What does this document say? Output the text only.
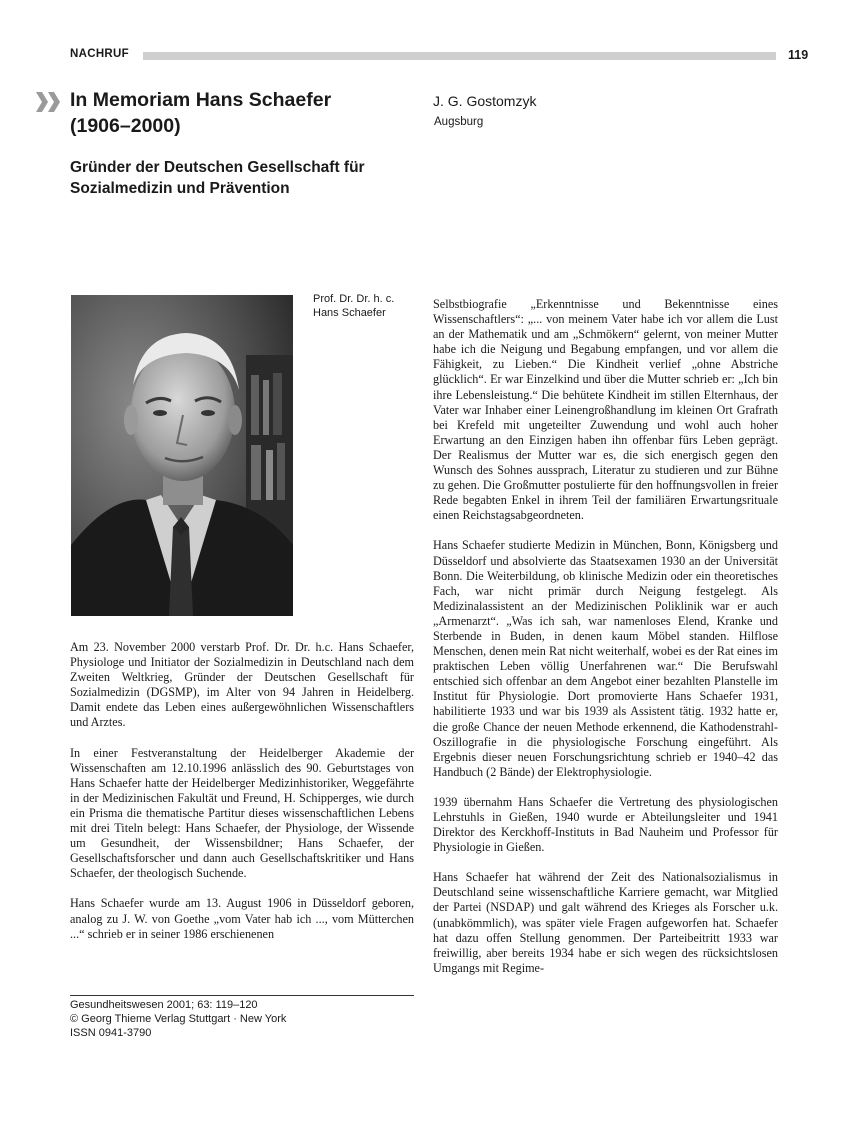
NACHRUF	119
In Memoriam Hans Schaefer
(1906–2000)
Gründer der Deutschen Gesellschaft für
Sozialmedizin und Prävention
J. G. Gostomzyk
Augsburg
Prof. Dr. Dr. h. c.
Hans Schaefer

Am 23. November 2000 verstarb Prof. Dr. Dr. h.c. Hans Schaefer, Physiologe und Initiator der Sozialmedizin in Deutschland nach dem Zweiten Weltkrieg, Gründer der Deutschen Gesellschaft für Sozialmedizin (DGSMP), im Alter von 94 Jahren in Heidelberg. Damit endete das Leben eines außergewöhnlichen Wissenschaftlers und Arztes.

In einer Festveranstaltung der Heidelberger Akademie der Wissenschaften am 12.10.1996 anlässlich des 90. Geburtstages von Hans Schaefer hatte der Heidelberger Medizinhistoriker, Weggefährte in der Medizinischen Fakultät und Freund, H. Schipperges, wie durch ein Prisma die thematische Partitur dieses wissenschaftlichen Lebens mit drei Titeln belegt: Hans Schaefer, der Physiologe, der Wissende um Gesundheit, der Wissensbildner; Hans Schaefer, der Gesellschaftsforscher und dann auch Gesellschaftskritiker und Hans Schaefer, der theologisch Suchende.

Hans Schaefer wurde am 13. August 1906 in Düsseldorf geboren, analog zu J. W. von Goethe „vom Vater hab ich ..., vom Mütterchen ...“ schrieb er in seiner 1986 erschienenen

Selbstbiografie „Erkenntnisse und Bekenntnisse eines Wissenschaftlers“: „... von meinem Vater habe ich vor allem die Lust an der Mathematik und am „Schmökern“ gelernt, von meiner Mutter habe ich die Neigung und Begabung empfangen, und vor allem die Fähigkeit, zu Lieben.“ Die Kindheit verlief „ohne Abstriche glücklich“. Er war Einzelkind und über die Mutter schrieb er: „Ich bin ihre Lebensleistung.“ Die behütete Kindheit im stillen Elternhaus, der Vater war Inhaber einer Leinengroßhandlung im kleinen Ort Grafrath bei Krefeld mit ungeteilter Zuwendung und wohl auch hoher Erwartung an den Einzigen haben ihn offenbar fürs Leben geprägt. Der Realismus der Mutter war es, die sich energisch gegen den Wunsch des Sohnes aussprach, Literatur zu studieren und zur Bühne zu gehen. Die Großmutter postulierte für den hoffnungsvollen in freier Rede begabten Enkel in ihrem Teil der familiären Erwartungsrituale einen Reichstagsabgeordneten.

Hans Schaefer studierte Medizin in München, Bonn, Königsberg und Düsseldorf und absolvierte das Staatsexamen 1930 an der Universität Bonn. Die Weiterbildung, ob klinische Medizin oder ein theoretisches Fach, war nicht primär durch Neigung festgelegt. Als Medizinalassistent an der Medizinischen Poliklinik war er auch „Armenarzt“. „Was ich sah, war namenloses Elend, Kranke und Sterbende in Buden, in denen kaum Möbel standen. Hilflose Menschen, denen mein Rat nicht weiterhalf, wobei es der Rat eines im praktischen Leben völlig Unerfahrenen war.“ Die Berufswahl entschied sich offenbar an dem Angebot einer bezahlten Planstelle im Institut für Physiologie. Dort promovierte Hans Schaefer 1931, habilitierte 1933 und war bis 1939 als Assistent tätig. 1932 hatte er, die große Chance der neuen Methode erkennend, die Kathodenstrahl-Oszillografie in die physiologische Forschung eingeführt. Als Ergebnis dieser neuen Forschungsrichtung schrieb er 1940–42 das Handbuch (2 Bände) der Elektrophysiologie.

1939 übernahm Hans Schaefer die Vertretung des physiologischen Lehrstuhls in Gießen, 1940 wurde er Abteilungsleiter und 1941 Direktor des Kerckhoff-Instituts in Bad Nauheim und Professor für Physiologie in Gießen.

Hans Schaefer hat während der Zeit des Nationalsozialismus in Deutschland seine wissenschaftliche Karriere gemacht, war Mitglied der Partei (NSDAP) und galt während des Krieges als Forscher u.k. (unabkömmlich), was später viele Fragen aufgeworfen hat. Schaefer hat dazu offen Stellung genommen. Der Parteibeitritt 1933 war freiwillig, aber bereits 1934 habe er sich wegen des rücksichtslosen Umgangs mit Regime-

Gesundheitswesen 2001; 63: 119–120
© Georg Thieme Verlag Stuttgart · New York
ISSN 0941-3790
